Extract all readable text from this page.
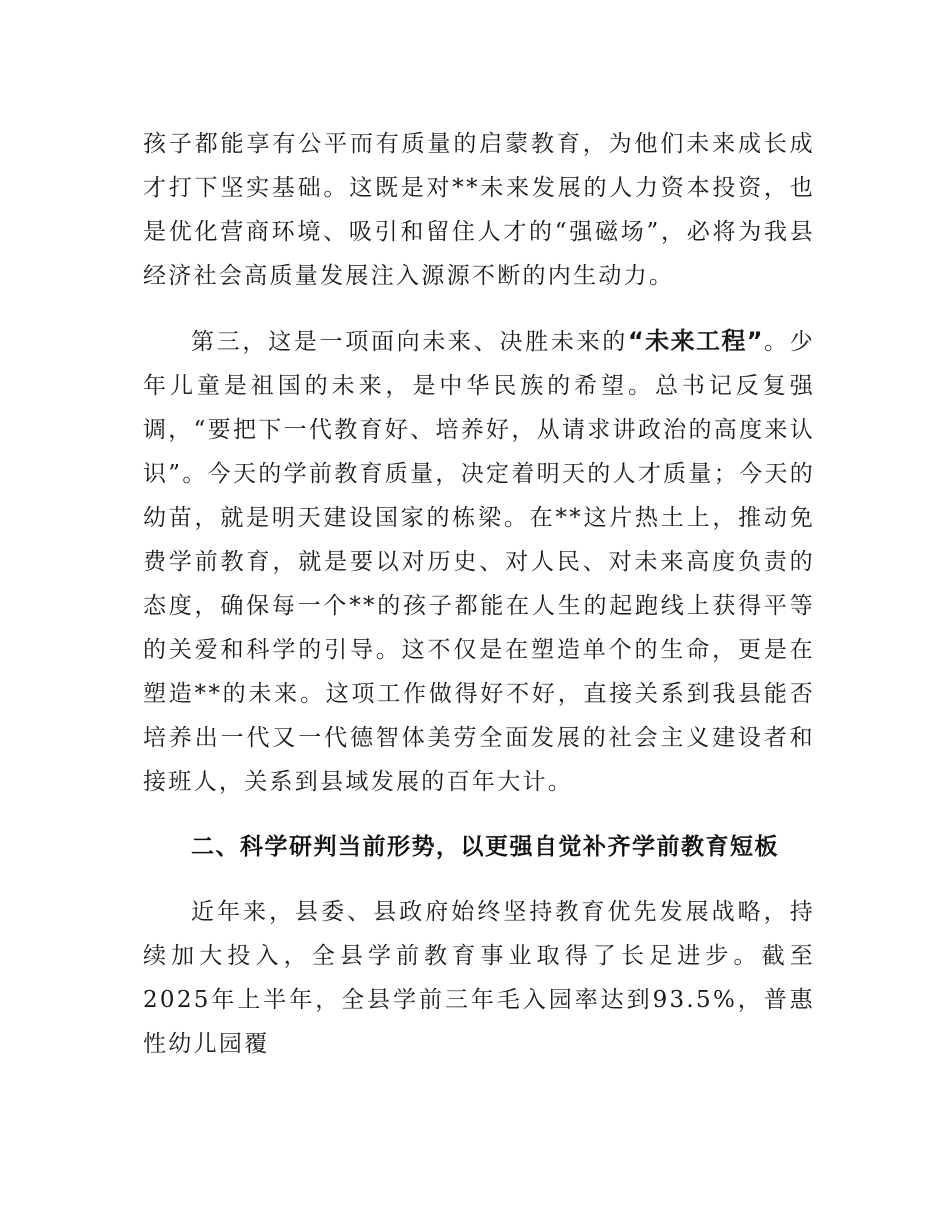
孩子都能享有公平而有质量的启蒙教育，为他们未来成长成才打下坚实基础。这既是对**未来发展的人力资本投资，也是优化营商环境、吸引和留住人才的“强磁场”，必将为我县经济社会高质量发展注入源源不断的内生动力。

第三，这是一项面向未来、决胜未来的“未来工程”。少年儿童是祖国的未来，是中华民族的希望。总书记反复强调，“要把下一代教育好、培养好，从请求讲政治的高度来认识”。今天的学前教育质量，决定着明天的人才质量；今天的幼苗，就是明天建设国家的栋梁。在**这片热土上，推动免费学前教育，就是要以对历史、对人民、对未来高度负责的态度，确保每一个**的孩子都能在人生的起跑线上获得平等的关爱和科学的引导。这不仅是在塑造单个的生命，更是在塑造**的未来。这项工作做得好不好，直接关系到我县能否培养出一代又一代德智体美劳全面发展的社会主义建设者和接班人，关系到县域发展的百年大计。

二、科学研判当前形势，以更强自觉补齐学前教育短板

近年来，县委、县政府始终坚持教育优先发展战略，持续加大投入，全县学前教育事业取得了长足进步。截至2025年上半年，全县学前三年毛入园率达到93.5%，普惠性幼儿园覆
